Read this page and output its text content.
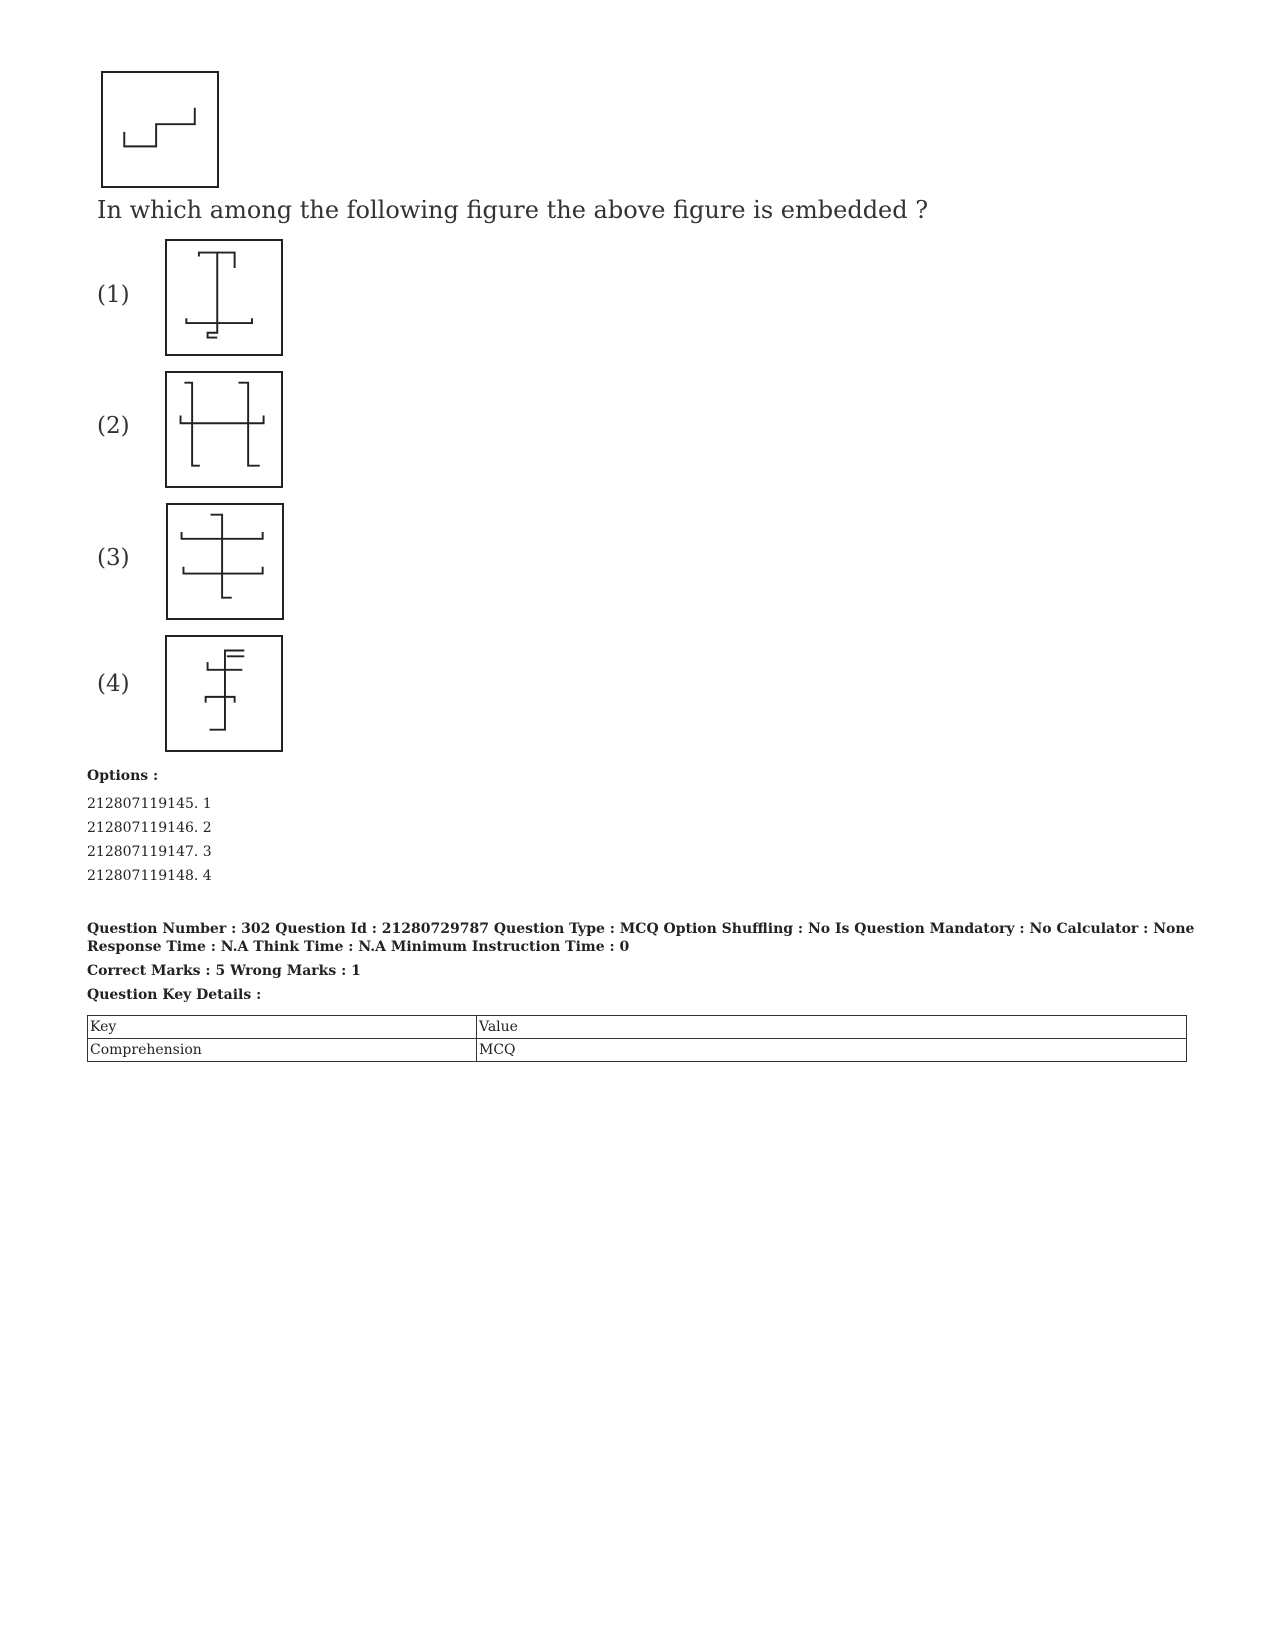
In which among the following figure the above figure is embedded ?
(1)
(2)
(3)
(4)
Options :
212807119145. 1
212807119146. 2
212807119147. 3
212807119148. 4
Question Number : 302 Question Id : 21280729787 Question Type : MCQ Option Shuffling : No Is Question Mandatory : No Calculator : None
Response Time : N.A Think Time : N.A Minimum Instruction Time : 0
Correct Marks : 5 Wrong Marks : 1
Question Key Details :
Key	Value
Comprehension	MCQ
